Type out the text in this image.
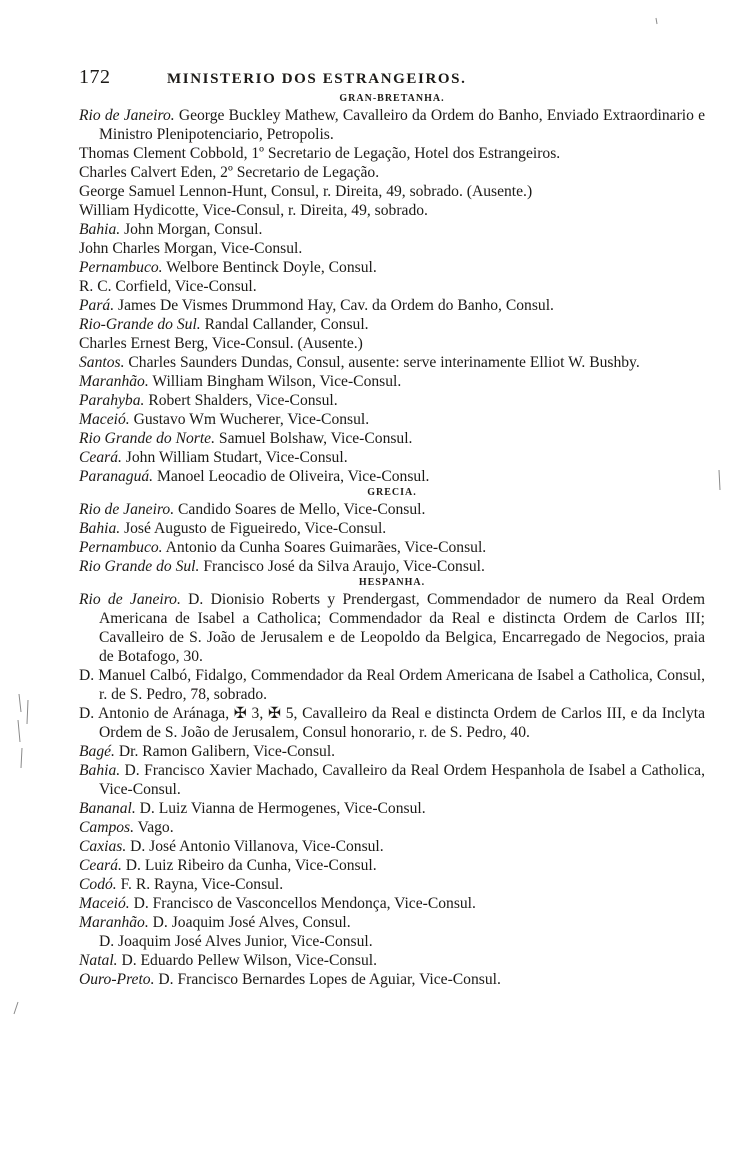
172	MINISTERIO DOS ESTRANGEIROS.
GRAN-BRETANHA.
Rio de Janeiro. George Buckley Mathew, Cavalleiro da Ordem do Banho, Enviado Extraordinario e Ministro Plenipotenciario, Petropolis.
Thomas Clement Cobbold, 1º Secretario de Legação, Hotel dos Estrangeiros.
Charles Calvert Eden, 2º Secretario de Legação.
George Samuel Lennon-Hunt, Consul, r. Direita, 49, sobrado. (Ausente.)
William Hydicotte, Vice-Consul, r. Direita, 49, sobrado.
Bahia. John Morgan, Consul.
John Charles Morgan, Vice-Consul.
Pernambuco. Welbore Bentinck Doyle, Consul.
R. C. Corfield, Vice-Consul.
Pará. James De Vismes Drummond Hay, Cav. da Ordem do Banho, Consul.
Rio-Grande do Sul. Randal Callander, Consul.
Charles Ernest Berg, Vice-Consul. (Ausente.)
Santos. Charles Saunders Dundas, Consul, ausente: serve interinamente Elliot W. Bushby.
Maranhão. William Bingham Wilson, Vice-Consul.
Parahyba. Robert Shalders, Vice-Consul.
Maceió. Gustavo Wm Wucherer, Vice-Consul.
Rio Grande do Norte. Samuel Bolshaw, Vice-Consul.
Ceará. John William Studart, Vice-Consul.
Paranaguá. Manoel Leocadio de Oliveira, Vice-Consul.
GRECIA.
Rio de Janeiro. Candido Soares de Mello, Vice-Consul.
Bahia. José Augusto de Figueiredo, Vice-Consul.
Pernambuco. Antonio da Cunha Soares Guimarães, Vice-Consul.
Rio Grande do Sul. Francisco José da Silva Araujo, Vice-Consul.
HESPANHA.
Rio de Janeiro. D. Dionisio Roberts y Prendergast, Commendador de numero da Real Ordem Americana de Isabel a Catholica; Commendador da Real e distincta Ordem de Carlos III; Cavalleiro de S. João de Jerusalem e de Leopoldo da Belgica, Encarregado de Negocios, praia de Botafogo, 30.
D. Manuel Calbó, Fidalgo, Commendador da Real Ordem Americana de Isabel a Catholica, Consul, r. de S. Pedro, 78, sobrado.
D. Antonio de Aránaga, ✠ 3, ✠ 5, Cavalleiro da Real e distincta Ordem de Carlos III, e da Inclyta Ordem de S. João de Jerusalem, Consul honorario, r. de S. Pedro, 40.
Bagé. Dr. Ramon Galibern, Vice-Consul.
Bahia. D. Francisco Xavier Machado, Cavalleiro da Real Ordem Hespanhola de Isabel a Catholica, Vice-Consul.
Bananal. D. Luiz Vianna de Hermogenes, Vice-Consul.
Campos. Vago.
Caxias. D. José Antonio Villanova, Vice-Consul.
Ceará. D. Luiz Ribeiro da Cunha, Vice-Consul.
Codó. F. R. Rayna, Vice-Consul.
Maceió. D. Francisco de Vasconcellos Mendonça, Vice-Consul.
Maranhão. D. Joaquim José Alves, Consul.
D. Joaquim José Alves Junior, Vice-Consul.
Natal. D. Eduardo Pellew Wilson, Vice-Consul.
Ouro-Preto. D. Francisco Bernardes Lopes de Aguiar, Vice-Consul.
